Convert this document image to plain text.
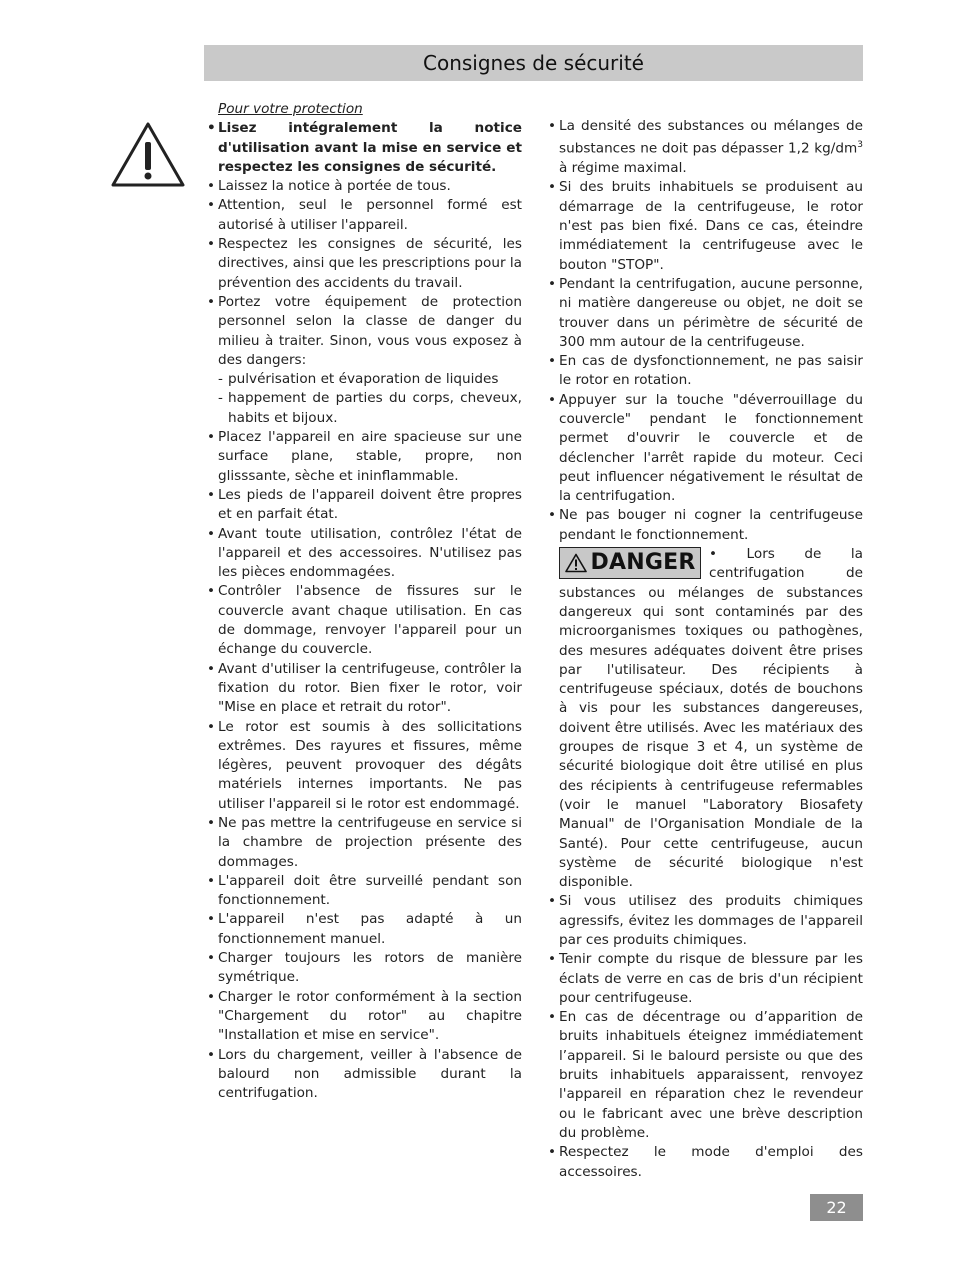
Consignes de sécurité
Pour votre protection
• Lisez intégralement la notice d'utilisation avant la mise en service et respectez les consignes de sécurité.
• Laissez la notice à portée de tous.
• Attention, seul le personnel formé est autorisé à utiliser l'appareil.
• Respectez les consignes de sécurité, les directives, ainsi que les prescriptions pour la prévention des accidents du travail.
• Portez votre équipement de protection personnel selon la classe de danger du milieu à traiter. Sinon, vous vous exposez à des dangers:
- pulvérisation et évaporation de liquides
- happement de parties du corps, cheveux, habits et bijoux.
• Placez l'appareil en aire spacieuse sur une surface plane, stable, propre, non glisssante, sèche et ininflammable.
• Les pieds de l'appareil doivent être propres et en parfait état.
• Avant toute utilisation, contrôlez l'état de l'appareil et des accessoires. N'utilisez pas les pièces endommagées.
• Contrôler l'absence de fissures sur le couvercle avant chaque utilisation. En cas de dommage, renvoyer l'appareil pour un échange du couvercle.
• Avant d'utiliser la centrifugeuse, contrôler la fixation du rotor. Bien fixer le rotor, voir "Mise en place et retrait du rotor".
• Le rotor est soumis à des sollicitations extrêmes. Des rayures et fissures, même légères, peuvent provoquer des dégâts matériels internes importants. Ne pas utiliser l'appareil si le rotor est endommagé.
• Ne pas mettre la centrifugeuse en service si la chambre de projection présente des dommages.
• L'appareil doit être surveillé pendant son fonctionnement.
• L'appareil n'est pas adapté à un fonctionnement manuel.
• Charger toujours les rotors de manière symétrique.
• Charger le rotor conformément à la section "Chargement du rotor" au chapitre "Installation et mise en service".
• Lors du chargement, veiller à l'absence de balourd non admissible durant la centrifugation.
• La densité des substances ou mélanges de substances ne doit pas dépasser 1,2 $kg/dm^3$ à régime maximal.
• Si des bruits inhabituels se produisent au démarrage de la centrifugeuse, le rotor n'est pas bien fixé. Dans ce cas, éteindre immédiatement la centrifugeuse avec le bouton "STOP".
• Pendant la centrifugation, aucune personne, ni matière dangereuse ou objet, ne doit se trouver dans un périmètre de sécurité de 300 mm autour de la centrifugeuse.
• En cas de dysfonctionnement, ne pas saisir le rotor en rotation.
• Appuyer sur la touche "déverrouillage du couvercle" pendant le fonctionnement permet d'ouvrir le couvercle et de déclencher l'arrêt rapide du moteur. Ceci peut influencer négativement le résultat de la centrifugation.
• Ne pas bouger ni cogner la centrifugeuse pendant le fonctionnement.
DANGER • Lors de la centrifugation de substances ou mélanges de substances dangereux qui sont contaminés par des microorganismes toxiques ou pathogènes, des mesures adéquates doivent être prises par l'utilisateur. Des récipients à centrifugeuse spéciaux, dotés de bouchons à vis pour les substances dangereuses, doivent être utilisés. Avec les matériaux des groupes de risque 3 et 4, un système de sécurité biologique doit être utilisé en plus des récipients à centrifugeuse refermables (voir le manuel "Laboratory Biosafety Manual" de l'Organisation Mondiale de la Santé). Pour cette centrifugeuse, aucun système de sécurité biologique n'est disponible.
• Si vous utilisez des produits chimiques agressifs, évitez les dommages de l'appareil par ces produits chimiques.
• Tenir compte du risque de blessure par les éclats de verre en cas de bris d'un récipient pour centrifugeuse.
• En cas de décentrage ou d’apparition de bruits inhabituels éteignez immédiatement l’appareil. Si le balourd persiste ou que des bruits inhabituels apparaissent, renvoyez l'appareil en réparation chez le revendeur ou le fabricant avec une brève description du problème.
• Respectez le mode d'emploi des accessoires.
22
